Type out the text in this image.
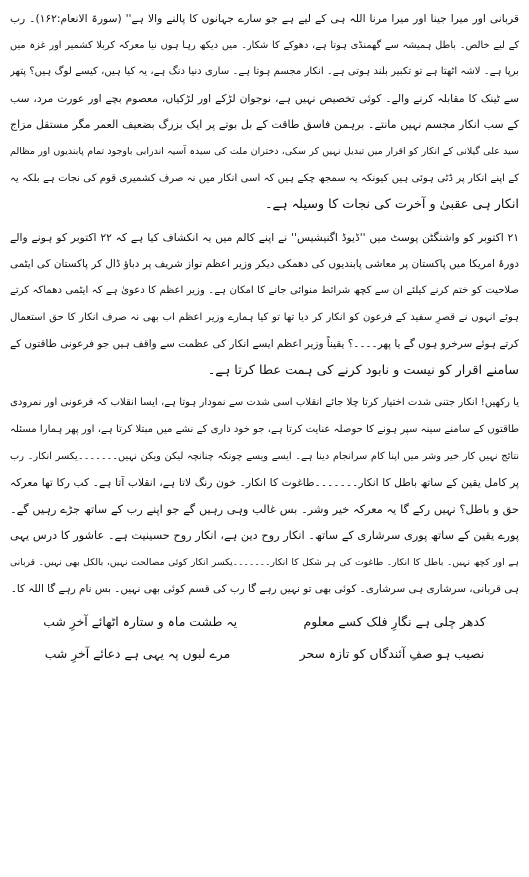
قربانی اور میرا جینا اور میرا مرنا اللہ ہی کے لیے ہے جو سارے جہانوں کا پالنے والا ہے'' (سورۃ الانعام:۱۶۲)۔ رب
کے لیے خالص۔ باطل ہمیشہ سے گھمنڈی ہوتا ہے، دھوکے کا شکار۔ میں دیکھ رہا ہوں نیا معرکہ کربلا کشمیر اور غزہ میں
برپا ہے۔ لاشہ اٹھتا ہے تو تکبیر بلند ہوتی ہے۔ انکار مجسم ہوتا ہے۔ ساری دنیا دنگ ہے، یہ کیا ہیں، کیسے لوگ ہیں؟ پتھر
سے ٹینک کا مقابلہ کرنے والے۔ کوئی تخصیص نہیں ہے، نوجوان لڑکے اور لڑکیاں، معصوم بچے اور عورت مرد، سب
کے سب انکار مجسم نہیں مانتے۔ برہمن فاسق طاقت کے بل بوتے پر ایک بزرگ بضعیف العمر مگر مستقل مزاج
سید علی گیلانی کے انکار کو اقرار میں تبدیل نہیں کر سکی، دختران ملت کی سیدہ آسیہ اندرابی باوجود تمام پابندیوں اور مظالم
کے اپنے انکار پر ڈٹی ہوئی ہیں کیونکہ یہ سمجھ چکے ہیں کہ اسی انکار میں نہ صرف کشمیری قوم کی نجات ہے بلکہ یہ
انکار ہی عقبیٰ و آخرت کی نجات کا وسیلہ ہے۔
۲۱ اکتوبر کو واشنگٹن پوسٹ میں ''ڈیوڈ اگنیشیس'' نے اپنے کالم میں یہ انکشاف کیا ہے کہ ۲۲ اکتوبر کو ہونے والے
دورۂ امریکا میں پاکستان پر معاشی پابندیوں کی دھمکی دیکر وزیر اعظم نواز شریف پر دباؤ ڈال کر پاکستان کی ایٹمی
صلاحیت کو ختم کرنے کیلئے ان سے کچھ شرائط منوائی جانے کا امکان ہے۔ وزیر اعظم کا دعویٰ ہے کہ ایٹمی دھماکہ کرتے
ہوئے انہوں نے قصرِ سفید کے فرعون کو انکار کر دیا تھا تو کیا ہمارے وزیر اعظم اب بھی نہ صرف انکار کا حق استعمال
کرتے ہوئے سرخرو ہوں گے یا پھر۔۔۔۔؟ یقیناً وزیر اعظم ایسے انکار کی عظمت سے واقف ہیں جو فرعونی طاقتوں کے
سامنے اقرار کو نیست و نابود کرنے کی ہمت عطا کرتا ہے۔
یا رکھیں! انکار جتنی شدت اختیار کرتا چلا جائے انقلاب اسی شدت سے نمودار ہوتا ہے، ایسا انقلاب کہ فرعونی اور نمرودی
طاقتوں کے سامنے سینہ سپر ہونے کا حوصلہ عنایت کرتا ہے، جو خود داری کے نشے میں مبتلا کرتا ہے، اور پھر ہمارا مسئلہ
نتائج نہیں کار خیر وشر میں اپنا کام سرانجام دینا ہے۔ ایسے ویسے چونکہ چنانچہ لیکن ویکن نہیں۔۔۔۔۔۔۔یکسر انکار۔ رب
پر کامل یقین کے ساتھ باطل کا انکار۔۔۔۔۔۔۔طاغوت کا انکار۔ خون رنگ لاتا ہے، انقلاب آتا ہے۔ کب رکا تھا معرکہ
حق و باطل؟ نہیں رکے گا یہ معرکہ خیر وشر۔ بس غالب وہی رہیں گے جو اپنے رب کے ساتھ جڑے رہیں گے۔
پورے یقین کے ساتھ پوری سرشاری کے ساتھ۔ انکار روح دین ہے، انکار روح حسینیت ہے۔ عاشور کا درس یہی
ہے اور کچھ نہیں۔ باطل کا انکار۔ طاغوت کی ہر شکل کا انکار۔۔۔۔۔۔۔یکسر انکار کوئی مصالحت نہیں، بالکل بھی نہیں۔ قربانی
ہی قربانی، سرشاری ہی سرشاری۔ کوئی بھی تو نہیں رہے گا رب کی قسم کوئی بھی نہیں۔ بس نام رہے گا اللہ کا۔
کدھر چلی ہے نگارِ فلک کسے معلوم
یہ طشت ماہ و ستارہ اٹھائے آخرِ شب
نصیب ہو صفِ آئندگاں کو تازہ سحر
مرے لبوں پہ یہی ہے دعائے آخرِ شب
